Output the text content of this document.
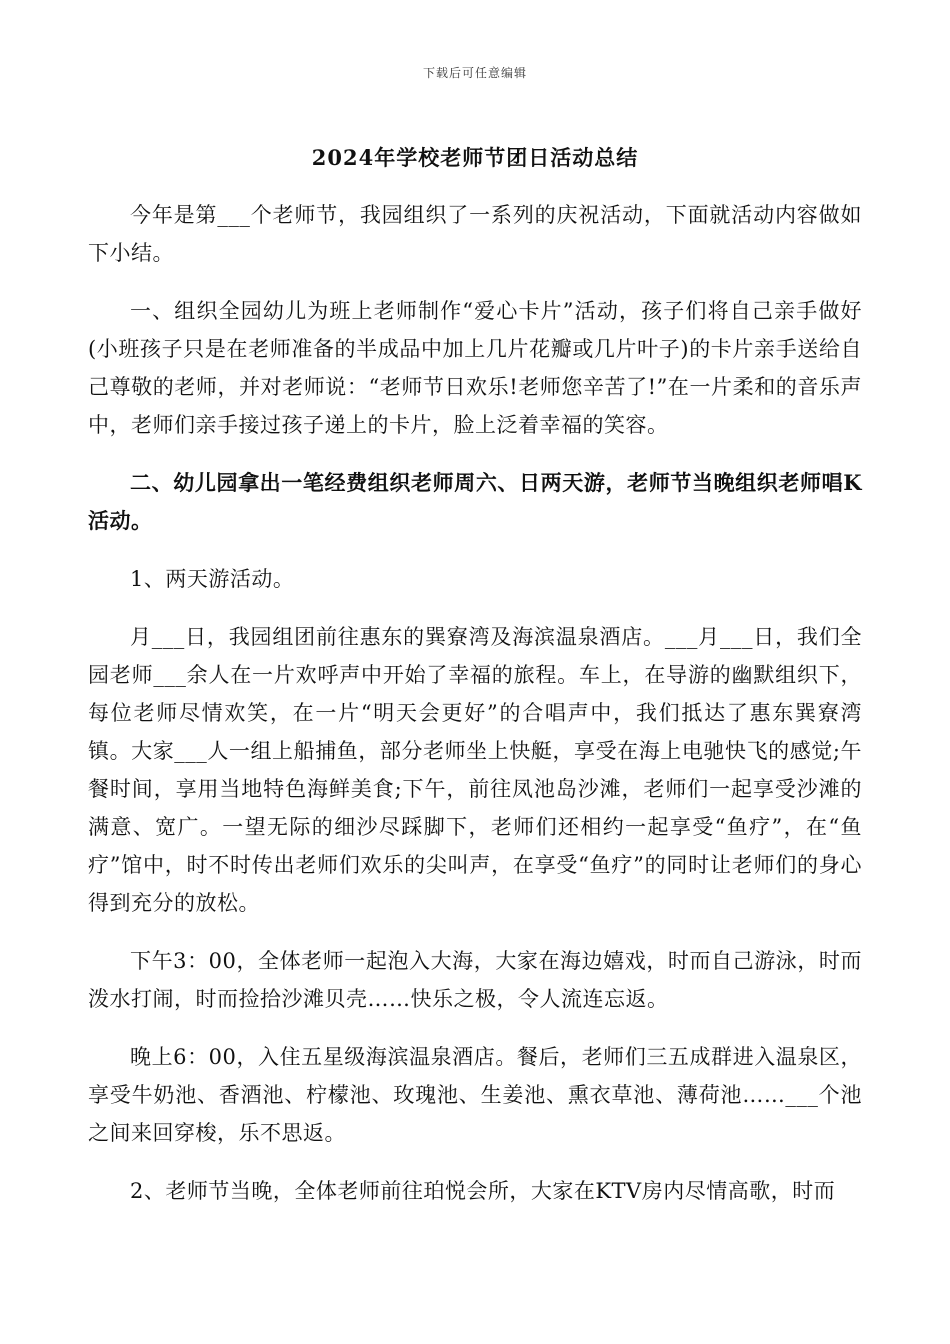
下载后可任意编辑
2024年学校老师节团日活动总结

今年是第___个老师节，我园组织了一系列的庆祝活动，下面就活动内容做如下小结。

一、组织全园幼儿为班上老师制作“爱心卡片”活动，孩子们将自己亲手做好(小班孩子只是在老师准备的半成品中加上几片花瓣或几片叶子)的卡片亲手送给自己尊敬的老师，并对老师说：“老师节日欢乐!老师您辛苦了!”在一片柔和的音乐声中，老师们亲手接过孩子递上的卡片，脸上泛着幸福的笑容。

二、幼儿园拿出一笔经费组织老师周六、日两天游，老师节当晚组织老师唱K活动。

1、两天游活动。

月___日，我园组团前往惠东的巽寮湾及海滨温泉酒店。___月___日，我们全园老师___余人在一片欢呼声中开始了幸福的旅程。车上，在导游的幽默组织下，每位老师尽情欢笑，在一片“明天会更好”的合唱声中，我们抵达了惠东巽寮湾镇。大家___人一组上船捕鱼，部分老师坐上快艇，享受在海上电驰快飞的感觉;午餐时间，享用当地特色海鲜美食;下午，前往凤池岛沙滩，老师们一起享受沙滩的满意、宽广。一望无际的细沙尽踩脚下，老师们还相约一起享受“鱼疗”，在“鱼疗”馆中，时不时传出老师们欢乐的尖叫声，在享受“鱼疗”的同时让老师们的身心得到充分的放松。

下午3：00，全体老师一起泡入大海，大家在海边嬉戏，时而自己游泳，时而泼水打闹，时而捡拾沙滩贝壳……快乐之极，令人流连忘返。

晚上6：00，入住五星级海滨温泉酒店。餐后，老师们三五成群进入温泉区，享受牛奶池、香酒池、柠檬池、玫瑰池、生姜池、熏衣草池、薄荷池……___个池之间来回穿梭，乐不思返。

2、老师节当晚，全体老师前往珀悦会所，大家在KTV房内尽情高歌，时而
